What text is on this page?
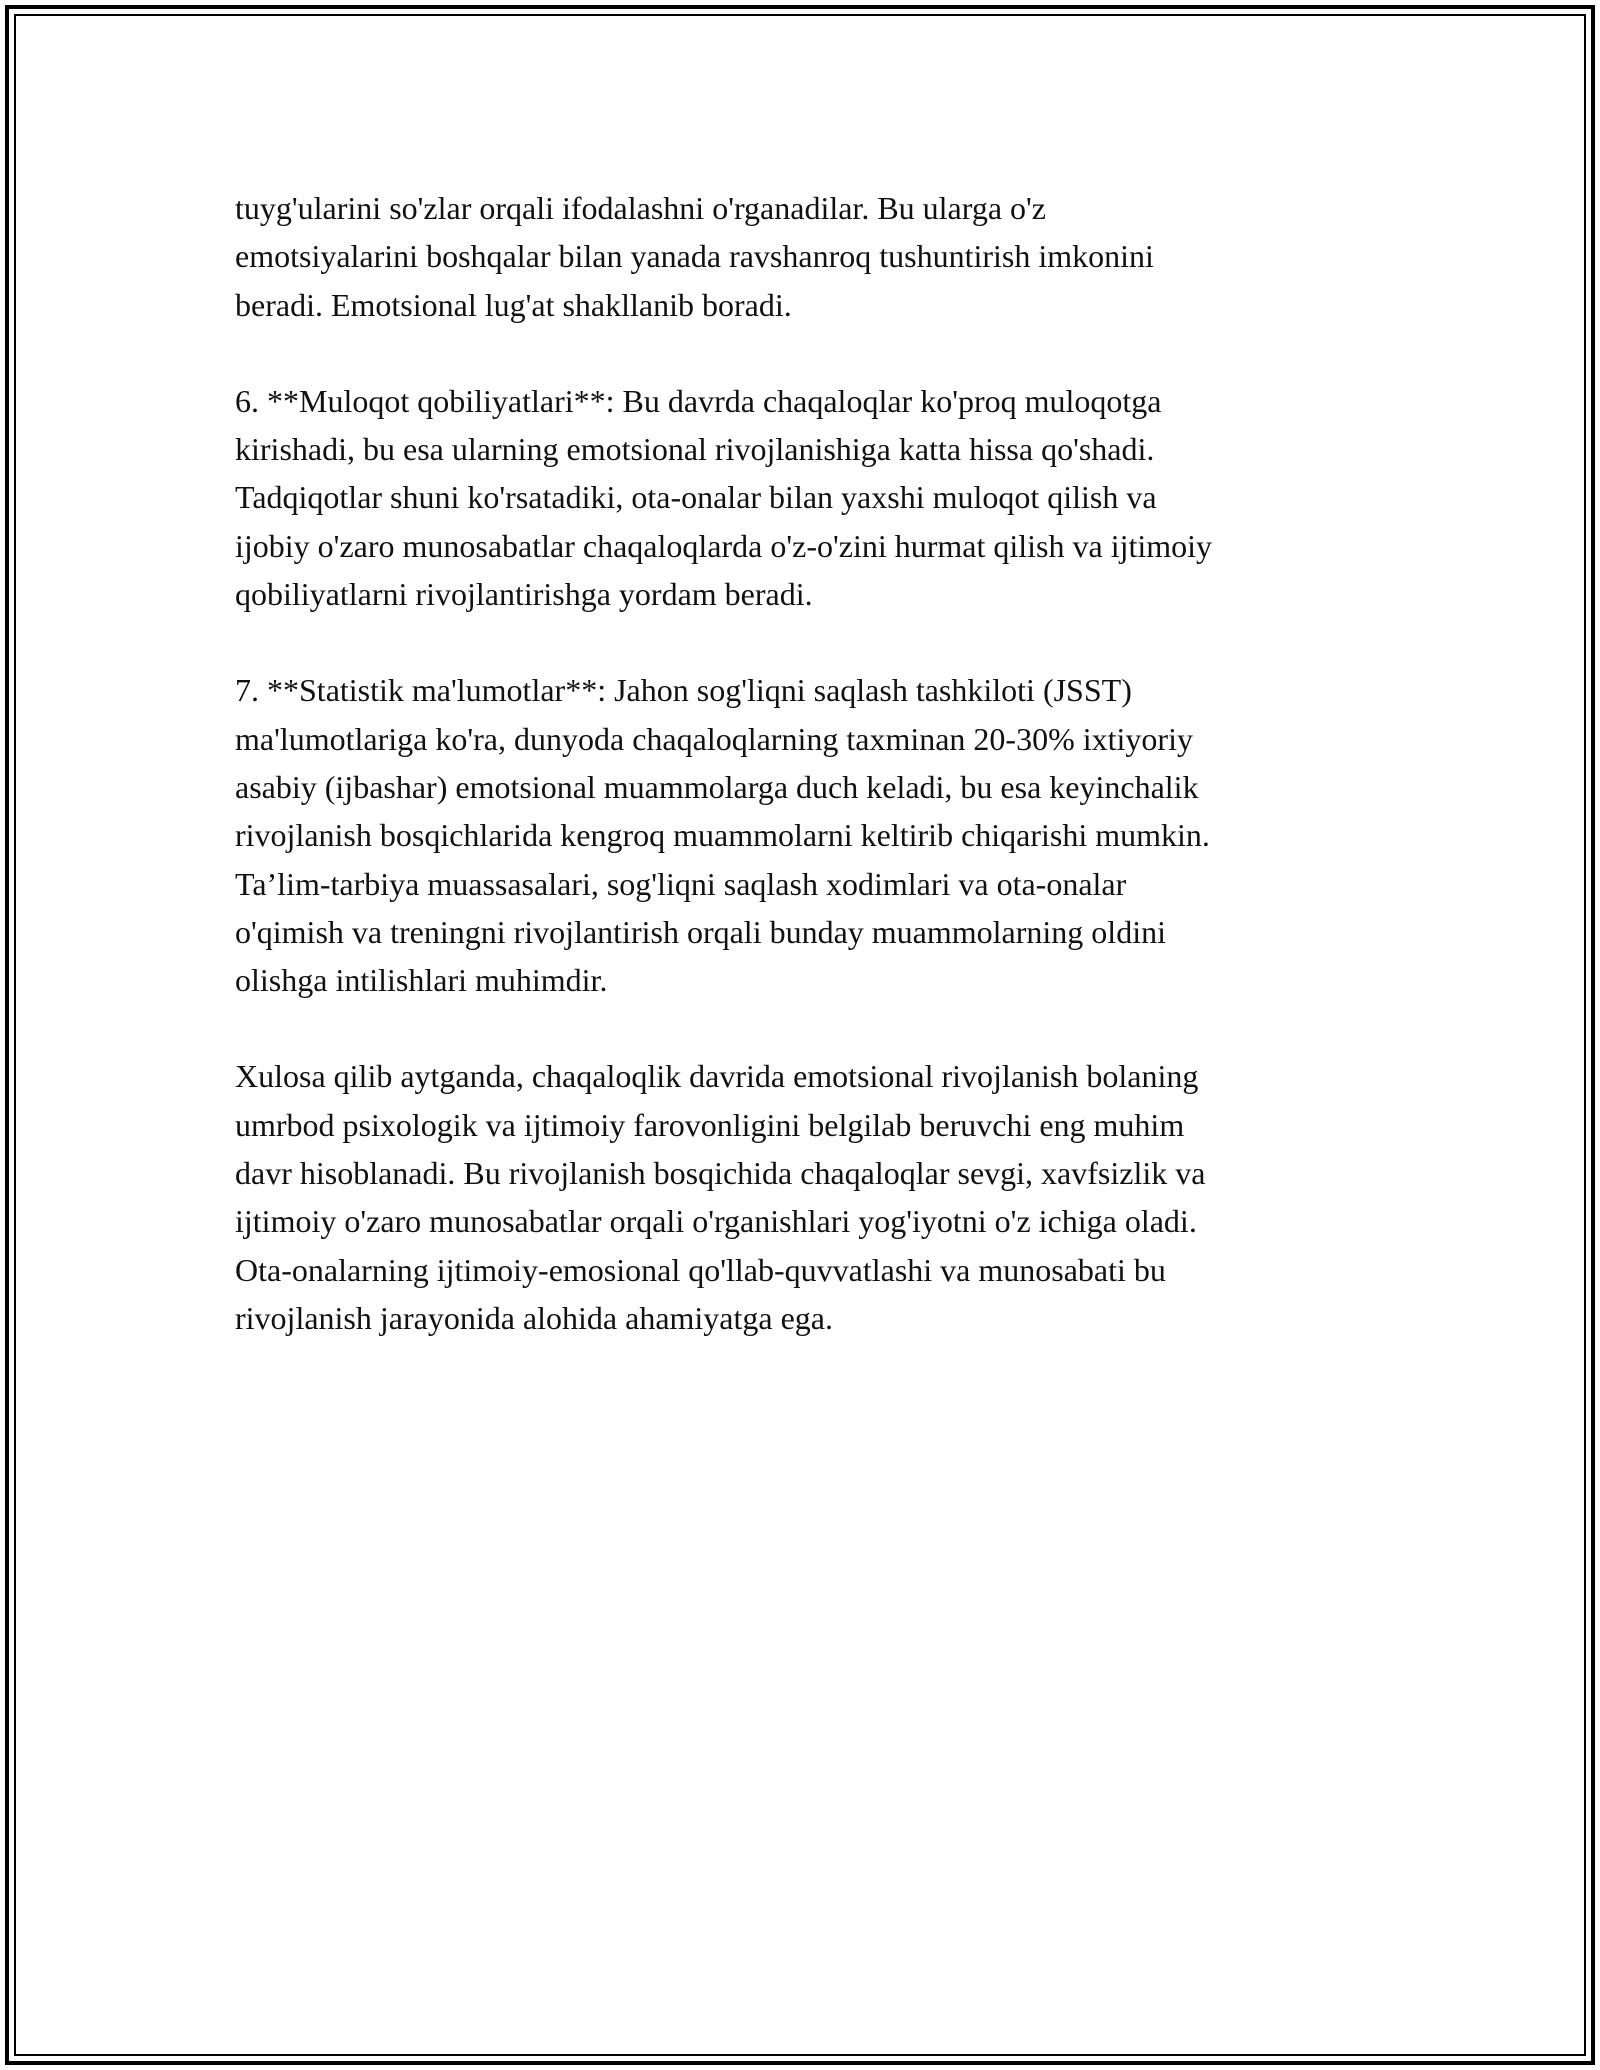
tuyg'ularini so'zlar orqali ifodalashni o'rganadilar. Bu ularga o'z
emotsiyalarini boshqalar bilan yanada ravshanroq tushuntirish imkonini
beradi. Emotsional lug'at shakllanib boradi.

6. **Muloqot qobiliyatlari**: Bu davrda chaqaloqlar ko'proq muloqotga
kirishadi, bu esa ularning emotsional rivojlanishiga katta hissa qo'shadi.
Tadqiqotlar shuni ko'rsatadiki, ota-onalar bilan yaxshi muloqot qilish va
ijobiy o'zaro munosabatlar chaqaloqlarda o'z-o'zini hurmat qilish va ijtimoiy
qobiliyatlarni rivojlantirishga yordam beradi.

7. **Statistik ma'lumotlar**: Jahon sog'liqni saqlash tashkiloti (JSST)
ma'lumotlariga ko'ra, dunyoda chaqaloqlarning taxminan 20-30% ixtiyoriy
asabiy (ijbashar) emotsional muammolarga duch keladi, bu esa keyinchalik
rivojlanish bosqichlarida kengroq muammolarni keltirib chiqarishi mumkin.
Ta’lim-tarbiya muassasalari, sog'liqni saqlash xodimlari va ota-onalar
o'qimish va treningni rivojlantirish orqali bunday muammolarning oldini
olishga intilishlari muhimdir.

Xulosa qilib aytganda, chaqaloqlik davrida emotsional rivojlanish bolaning
umrbod psixologik va ijtimoiy farovonligini belgilab beruvchi eng muhim
davr hisoblanadi. Bu rivojlanish bosqichida chaqaloqlar sevgi, xavfsizlik va
ijtimoiy o'zaro munosabatlar orqali o'rganishlari yog'iyotni o'z ichiga oladi.
Ota-onalarning ijtimoiy-emosional qo'llab-quvvatlashi va munosabati bu
rivojlanish jarayonida alohida ahamiyatga ega.
